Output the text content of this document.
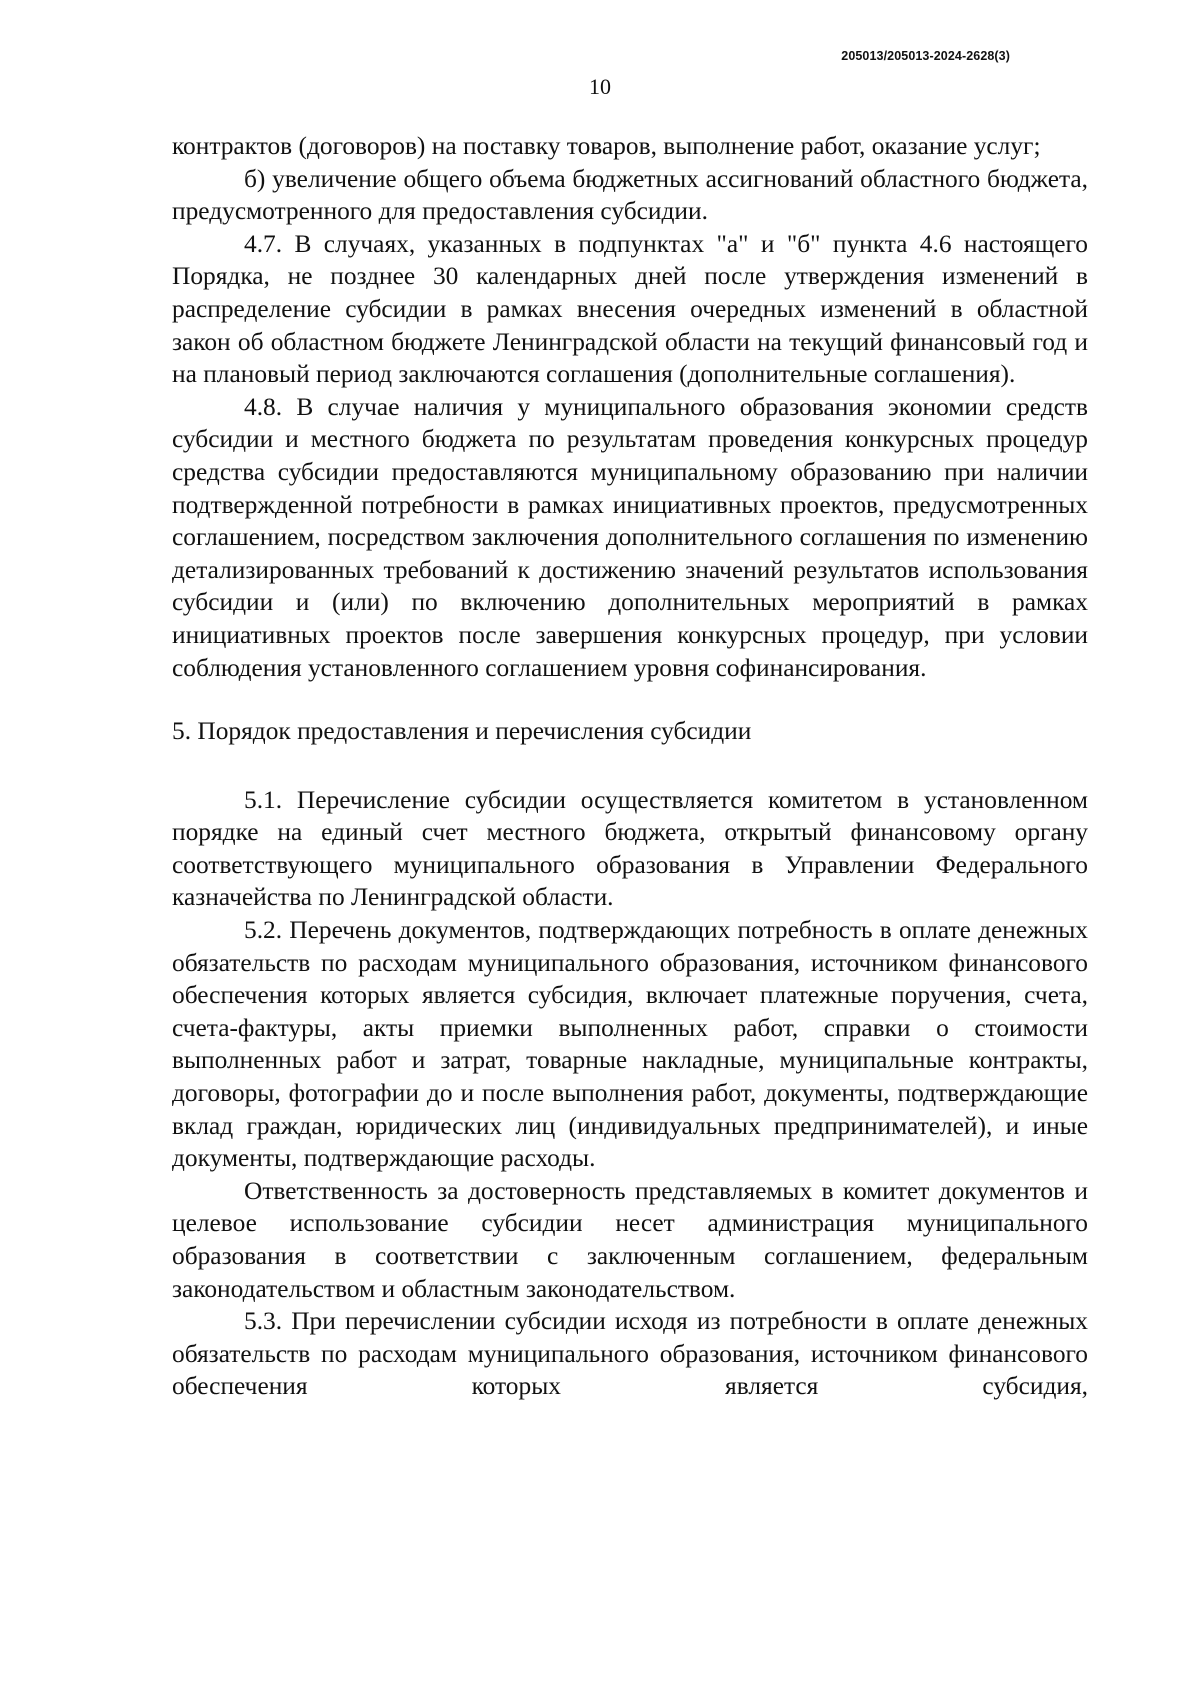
205013/205013-2024-2628(3)
10

контрактов (договоров) на поставку товаров, выполнение работ, оказание услуг;

б) увеличение общего объема бюджетных ассигнований областного бюджета, предусмотренного для предоставления субсидии.

4.7. В случаях, указанных в подпунктах "а" и "б" пункта 4.6 настоящего Порядка, не позднее 30 календарных дней после утверждения изменений в распределение субсидии в рамках внесения очередных изменений в областной закон об областном бюджете Ленинградской области на текущий финансовый год и на плановый период заключаются соглашения (дополнительные соглашения).

4.8. В случае наличия у муниципального образования экономии средств субсидии и местного бюджета по результатам проведения конкурсных процедур средства субсидии предоставляются муниципальному образованию при наличии подтвержденной потребности в рамках инициативных проектов, предусмотренных соглашением, посредством заключения дополнительного соглашения по изменению детализированных требований к достижению значений результатов использования субсидии и (или) по включению дополнительных мероприятий в рамках инициативных проектов после завершения конкурсных процедур, при условии соблюдения установленного соглашением уровня софинансирования.

5. Порядок предоставления и перечисления субсидии

5.1. Перечисление субсидии осуществляется комитетом в установленном порядке на единый счет местного бюджета, открытый финансовому органу соответствующего муниципального образования в Управлении Федерального казначейства по Ленинградской области.

5.2. Перечень документов, подтверждающих потребность в оплате денежных обязательств по расходам муниципального образования, источником финансового обеспечения которых является субсидия, включает платежные поручения, счета, счета-фактуры, акты приемки выполненных работ, справки о стоимости выполненных работ и затрат, товарные накладные, муниципальные контракты, договоры, фотографии до и после выполнения работ, документы, подтверждающие вклад граждан, юридических лиц (индивидуальных предпринимателей), и иные документы, подтверждающие расходы.

Ответственность за достоверность представляемых в комитет документов и целевое использование субсидии несет администрация муниципального образования в соответствии с заключенным соглашением, федеральным законодательством и областным законодательством.

5.3. При перечислении субсидии исходя из потребности в оплате денежных обязательств по расходам муниципального образования, источником финансового обеспечения которых является субсидия,
